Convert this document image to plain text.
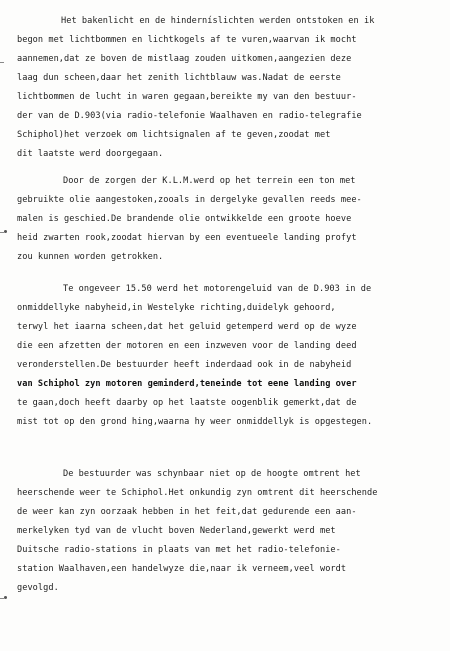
Het bakenlicht en de hinderníslichten werden ontstoken en ik
begon met lichtbommen en lichtkogels af te vuren,waarvan ik mocht
aannemen,dat ze boven de mistlaag zouden uitkomen,aangezien deze
laag dun scheen,daar het zenith lichtblauw was.Nadat de eerste
lichtbommen de lucht in waren gegaan,bereikte my van den bestuur-
der van de D.903(via radio-telefonie Waalhaven en radio-telegrafie
Schiphol)het verzoek om lichtsignalen af te geven,zoodat met
dit laatste werd doorgegaan.
Door de zorgen der K.L.M.werd op het terrein een ton met
gebruikte olie aangestoken,zooals in dergelyke gevallen reeds mee-
malen is geschied.De brandende olie ontwikkelde een groote hoeve
heid zwarten rook,zoodat hiervan by een eventueele landing profyt
zou kunnen worden getrokken.
Te ongeveer 15.50 werd het motorengeluid van de D.903 in de
onmiddellyke nabyheid,in Westelyke richting,duidelyk gehoord,
terwyl het iaarna scheen,dat het geluid getemperd werd op de wyze
die een afzetten der motoren en een inzweven voor de landing deed
veronderstellen.De bestuurder heeft inderdaad ook in de nabyheid
van Schiphol zyn motoren geminderd,teneinde tot eene landing over
te gaan,doch heeft daarby op het laatste oogenblik gemerkt,dat de
mist tot op den grond hing,waarna hy weer onmiddellyk is opgestegen.
De bestuurder was schynbaar niet op de hoogte omtrent het
heerschende weer te Schiphol.Het onkundig zyn omtrent dit heerschende
de weer kan zyn oorzaak hebben in het feit,dat gedurende een aan-
merkelyken tyd van de vlucht boven Nederland,gewerkt werd met
Duitsche radio-stations in plaats van met het radio-telefonie-
station Waalhaven,een handelwyze die,naar ik verneem,veel wordt
gevolgd.
